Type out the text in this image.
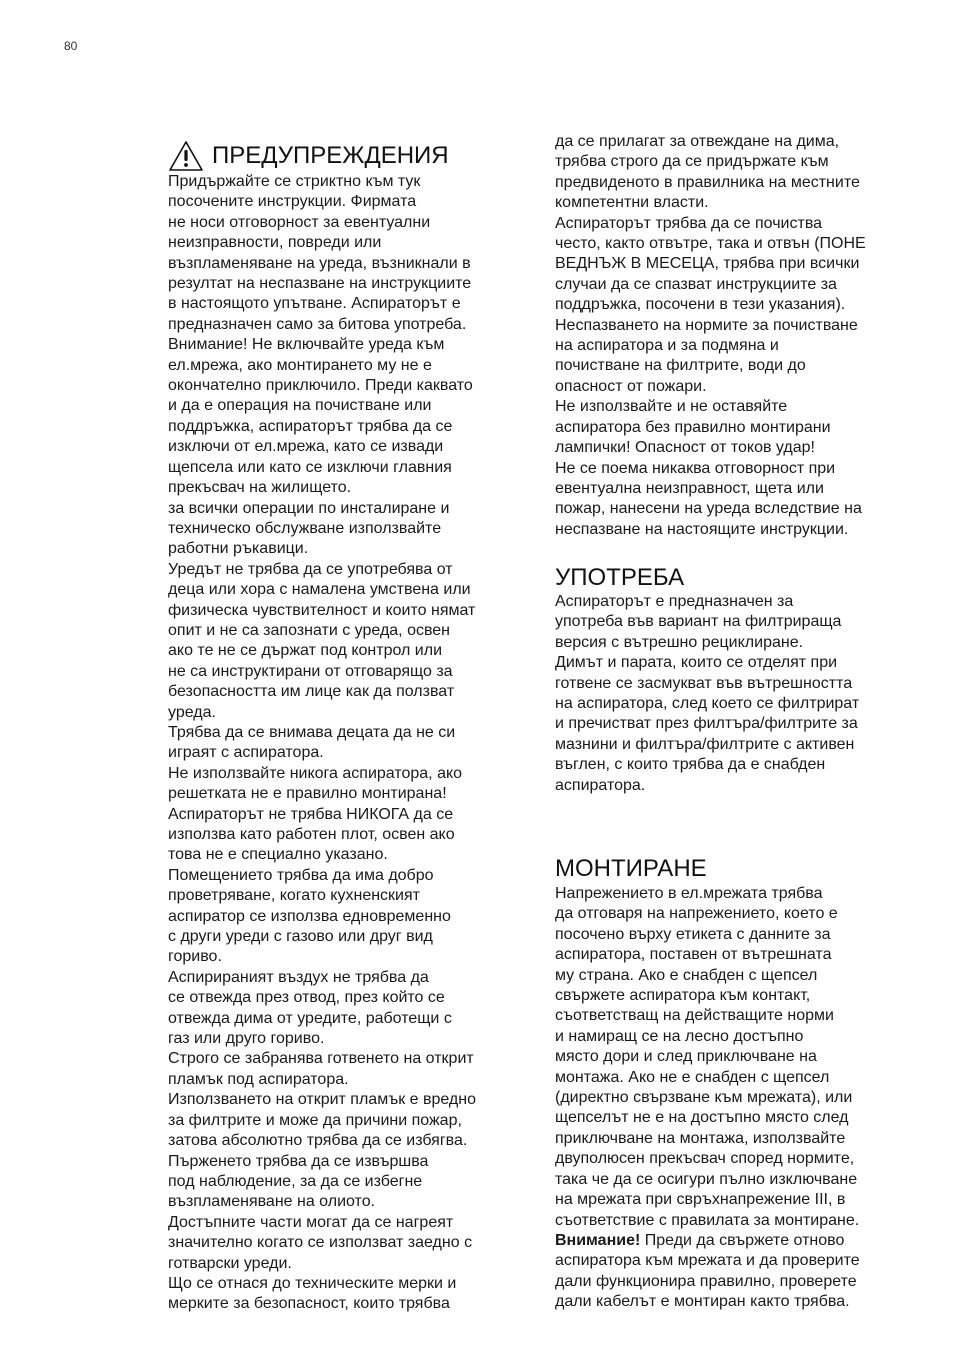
80
ПРЕДУПРЕЖДЕНИЯ
Придържайте се стриктно към тук
посочените инструкции. Фирмата
не носи отговорност за евентуални
неизправности, повреди или
възпламеняване на уреда, възникнали в
резултат на неспазване на инструкциите
в настоящото упътване. Аспираторът е
предназначен само за битова употреба.
Внимание! Не включвайте уреда към
ел.мрежа, ако монтирането му не е
окончателно приключило. Преди каквато
и да е операция на почистване или
поддръжка, аспираторът трябва да се
изключи от ел.мрежа, като се извади
щепсела или като се изключи главния
прекъсвач на жилището.
за всички операции по инсталиране и
техническо обслужване използвайте
работни ръкавици.
Уредът не трябва да се употребява от
деца или хора с намалена умствена или
физическа чувствителност и които нямат
опит и не са запознати с уреда, освен
ако те не се държат под контрол или
не са инструктирани от отговарящо за
безопасността им лице как да ползват
уреда.
Трябва да се внимава децата да не си
играят с аспиратора.
Не използвайте никога аспиратора, ако
решетката не е правилно монтирана!
Аспираторът не трябва НИКОГА да се
използва като работен плот, освен ако
това не е специално указано.
Помещението трябва да има добро
проветряване, когато кухненският
аспиратор се използва едновременно
с други уреди с газово или друг вид
гориво.
Аспирираният въздух не трябва да
се отвежда през отвод, през който се
отвежда дима от уредите, работещи с
газ или друго гориво.
Строго се забранява готвенето на открит
пламък под аспиратора.
Използването на открит пламък е вредно
за филтрите и може да причини пожар,
затова абсолютно трябва да се избягва.
Пърженето трябва да се извършва
под наблюдение, за да се избегне
възпламеняване на олиото.
Достъпните части могат да се нагреят
значително когато се използват заедно с
готварски уреди.
Що се отнася до техническите мерки и
мерките за безопасност, които трябва
да се прилагат за отвеждане на дима,
трябва строго да се придържате към
предвиденото в правилника на местните
компетентни власти.
Аспираторът трябва да се почиства
често, както отвътре, така и отвън (ПОНЕ
ВЕДНЪЖ В МЕСЕЦА, трябва при всички
случаи да се спазват инструкциите за
поддръжка, посочени в тези указания).
Неспазването на нормите за почистване
на аспиратора и за подмяна и
почистване на филтрите, води до
опасност от пожари.
Не използвайте и не оставяйте
аспиратора без правилно монтирани
лампички! Опасност от токов удар!
Не се поема никаква отговорност при
евентуална неизправност, щета или
пожар, нанесени на уреда вследствие на
неспазване на настоящите инструкции.
УПОТРЕБА
Аспираторът е предназначен за
употреба във вариант на филтрираща
версия с вътрешно рециклиране.
Димът и парата, които се отделят при
готвене се засмукват във вътрешността
на аспиратора, след което се филтрират
и пречистват през филтъра/филтрите за
мазнини и филтъра/филтрите с активен
въглен, с които трябва да е снабден
аспиратора.
МОНТИРАНЕ
Напрежението в ел.мрежата трябва
да отговаря на напрежението, което е
посочено върху етикета с данните за
аспиратора, поставен от вътрешната
му страна. Ако е снабден с щепсел
свържете аспиратора към контакт,
съответстващ на действащите норми
и намиращ се на лесно достъпно
място дори и след приключване на
монтажа. Ако не е снабден с щепсел
(директно свързване към мрежата), или
щепселът не е на достъпно място след
приключване на монтажа, използвайте
двуполюсен прекъсвач според нормите,
така че да се осигури пълно изключване
на мрежата при свръхнапрежение III, в
съответствие с правилата за монтиране.
Внимание! Преди да свържете отново
аспиратора към мрежата и да проверите
дали функционира правилно, проверете
дали кабелът е монтиран както трябва.
